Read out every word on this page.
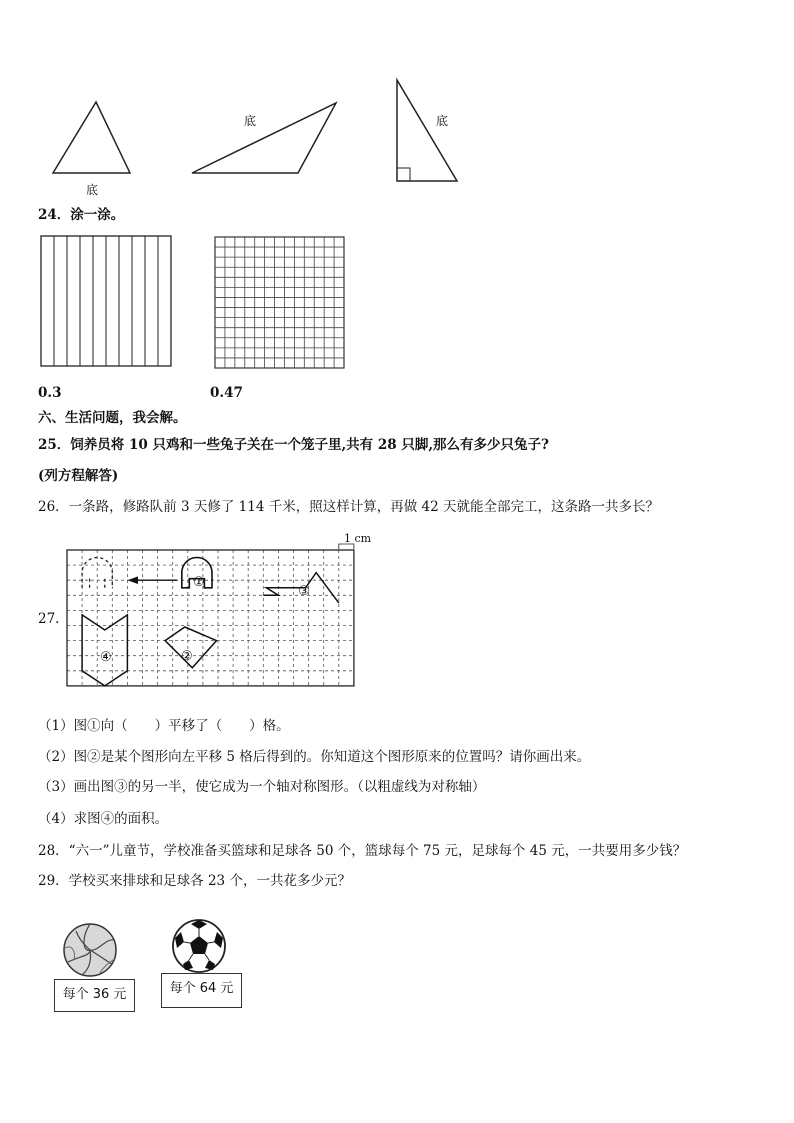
底
底	底
24．涂一涂。
0.3	0.47
六、生活问题，我会解。
25．饲养员将 10 只鸡和一些兔子关在一个笼子里,共有 28 只脚,那么有多少只兔子?
(列方程解答)
26．一条路，修路队前 3 天修了 114 千米，照这样计算，再做 42 天就能全部完工，这条路一共多长？
27.
1 cm
①
②
③
④
（1）图①向（　　）平移了（　　）格。
（2）图②是某个图形向左平移 5 格后得到的。你知道这个图形原来的位置吗？请你画出来。
（3）画出图③的另一半，使它成为一个轴对称图形。（以粗虚线为对称轴）
（4）求图④的面积。
28．“六一”儿童节，学校准备买篮球和足球各 50 个，篮球每个 75 元，足球每个 45 元，一共要用多少钱？
29．学校买来排球和足球各 23 个，一共花多少元？
每个 36 元	每个 64 元
